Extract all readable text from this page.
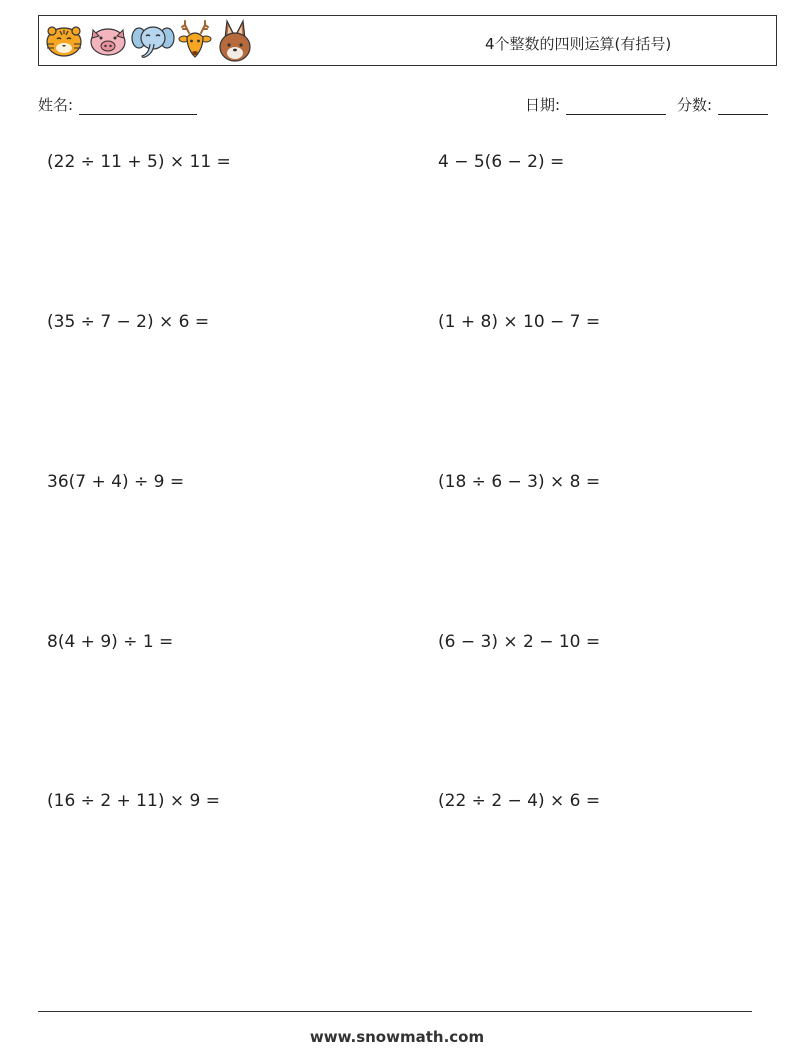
4个整数的四则运算(有括号)
姓名:	日期:	分数:
(22 ÷ 11 + 5) × 11 =	4 − 5(6 − 2) =
(35 ÷ 7 − 2) × 6 =	(1 + 8) × 10 − 7 =
36(7 + 4) ÷ 9 =	(18 ÷ 6 − 3) × 8 =
8(4 + 9) ÷ 1 =	(6 − 3) × 2 − 10 =
(16 ÷ 2 + 11) × 9 =	(22 ÷ 2 − 4) × 6 =
www.snowmath.com
